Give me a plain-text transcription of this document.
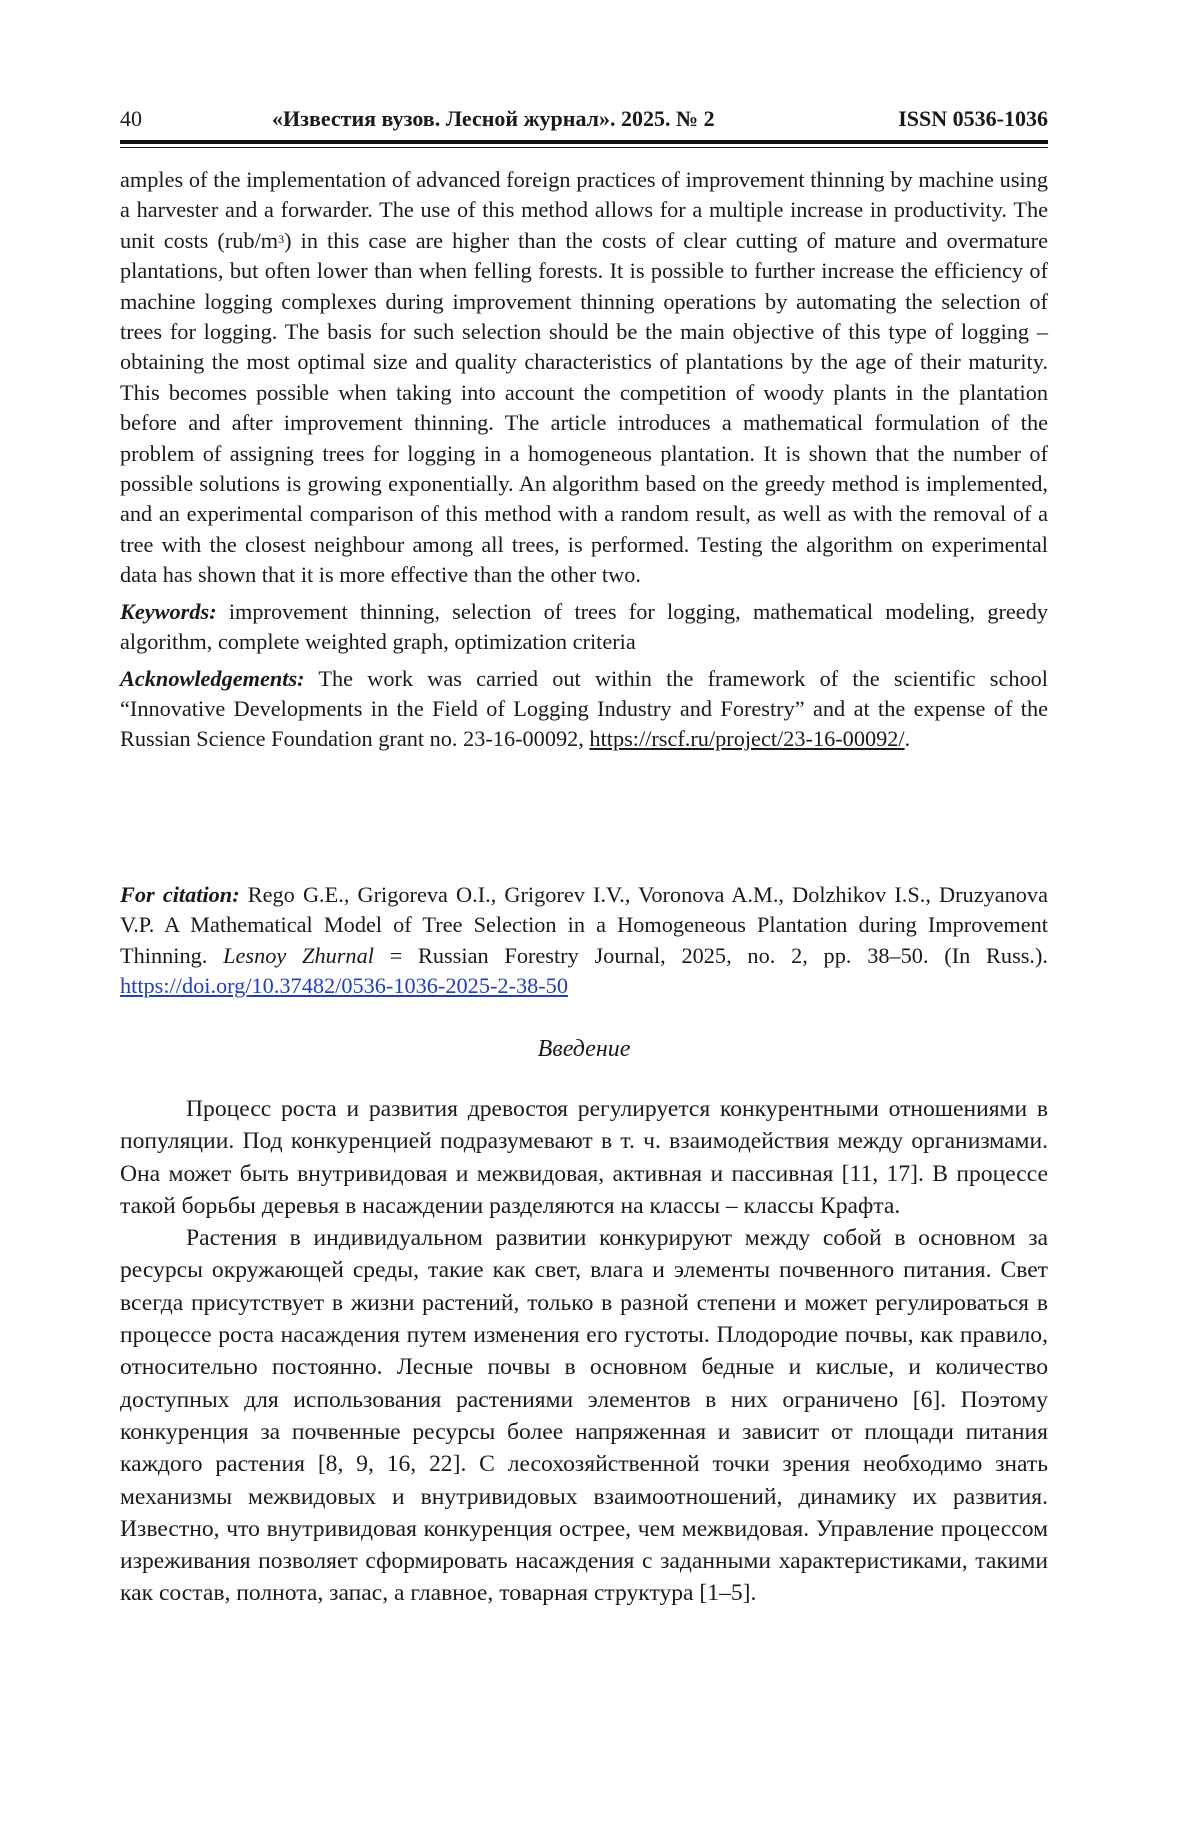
40	«Известия вузов. Лесной журнал». 2025. № 2	ISSN 0536-1036

amples of the implementation of advanced foreign practices of improvement thinning by machine using a harvester and a forwarder. The use of this method allows for a multiple increase in productivity. The unit costs $(rub/m^3)$ in this case are higher than the costs of clear cutting of mature and overmature plantations, but often lower than when felling forests. It is possible to further increase the efficiency of machine logging complexes during improvement thinning operations by automating the selection of trees for logging. The basis for such selection should be the main objective of this type of logging – obtaining the most optimal size and quality characteristics of plantations by the age of their maturity. This becomes possible when taking into account the competition of woody plants in the plantation before and after improvement thinning. The article introduces a mathematical formulation of the problem of assigning trees for logging in a homogeneous plantation. It is shown that the number of possible solutions is growing exponentially. An algorithm based on the greedy method is implemented, and an experimental comparison of this method with a random result, as well as with the removal of a tree with the closest neighbour among all trees, is performed. Testing the algorithm on experimental data has shown that it is more effective than the other two.

Keywords: improvement thinning, selection of trees for logging, mathematical modeling, greedy algorithm, complete weighted graph, optimization criteria

Acknowledgements: The work was carried out within the framework of the scientific school “Innovative Developments in the Field of Logging Industry and Forestry” and at the expense of the Russian Science Foundation grant no. 23-16-00092, https://rscf.ru/project/23-16-00092/.

For citation: Rego G.E., Grigoreva O.I., Grigorev I.V., Voronova A.M., Dolzhikov I.S., Druzyanova V.P. A Mathematical Model of Tree Selection in a Homogeneous Plantation during Improvement Thinning. Lesnoy Zhurnal = Russian Forestry Journal, 2025, no. 2, pp. 38–50. (In Russ.). https://doi.org/10.37482/0536-1036-2025-2-38-50

Введение

Процесс роста и развития древостоя регулируется конкурентными отношениями в популяции. Под конкуренцией подразумевают в т. ч. взаимодействия между организмами. Она может быть внутривидовая и межвидовая, активная и пассивная [11, 17]. В процессе такой борьбы деревья в насаждении разделяются на классы – классы Крафта.

Растения в индивидуальном развитии конкурируют между собой в основном за ресурсы окружающей среды, такие как свет, влага и элементы почвенного питания. Свет всегда присутствует в жизни растений, только в разной степени и может регулироваться в процессе роста насаждения путем изменения его густоты. Плодородие почвы, как правило, относительно постоянно. Лесные почвы в основном бедные и кислые, и количество доступных для использования растениями элементов в них ограничено [6]. Поэтому конкуренция за почвенные ресурсы более напряженная и зависит от площади питания каждого растения [8, 9, 16, 22]. С лесохозяйственной точки зрения необходимо знать механизмы межвидовых и внутривидовых взаимоотношений, динамику их развития. Известно, что внутривидовая конкуренция острее, чем межвидовая. Управление процессом изреживания позволяет сформировать насаждения с заданными характеристиками, такими как состав, полнота, запас, а главное, товарная структура [1–5].
